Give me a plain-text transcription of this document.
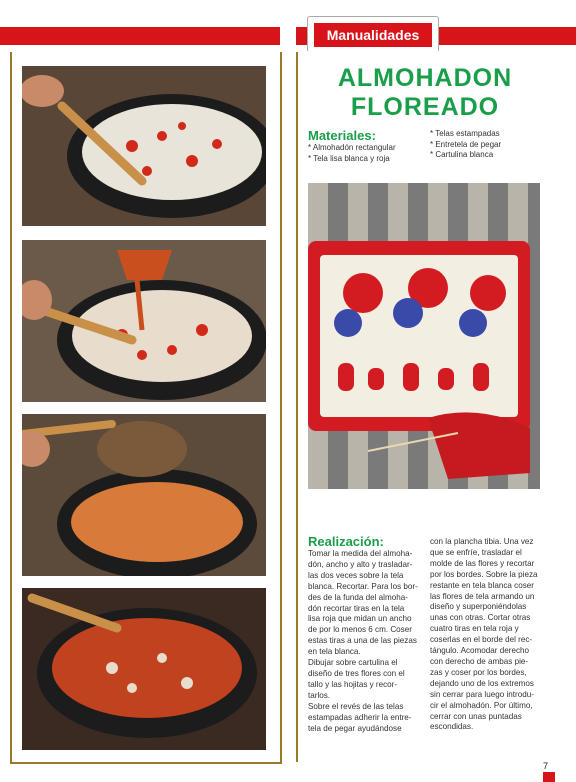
Manualidades
ALMOHADON
FLOREADO
Materiales:
* Almohadón rectangular
* Tela lisa blanca y roja
* Telas estampadas
* Entretela de pegar
* Cartulina blanca
Realización:
Tomar la medida del almoha-
dón, ancho y alto y trasladar-
las dos veces sobre la tela
blanca. Recortar. Para los bor-
des de la funda del almoha-
dón recortar tiras en la tela
lisa roja que midan un ancho
de por lo menos 6 cm. Coser
estas tiras a una de las piezas
en tela blanca.
Dibujar sobre cartulina el
diseño de tres flores con el
tallo y las hojitas y recor-
tarlos.
Sobre el revés de las telas
estampadas adherir la entre-
tela de pegar ayudándose
con la plancha tibia. Una vez
que se enfríe, trasladar el
molde de las flores y recortar
por los bordes. Sobre la pieza
restante en tela blanca coser
las flores de tela armando un
diseño y superponiéndolas
unas con otras. Cortar otras
cuatro tiras en tela roja y
coserlas en el borde del rec-
tángulo. Acomodar derecho
con derecho de ambas pie-
zas y coser por los bordes,
dejando uno de los extremos
sin cerrar para luego introdu-
cir el almohadón. Por último,
cerrar con unas puntadas
escondidas.
7
